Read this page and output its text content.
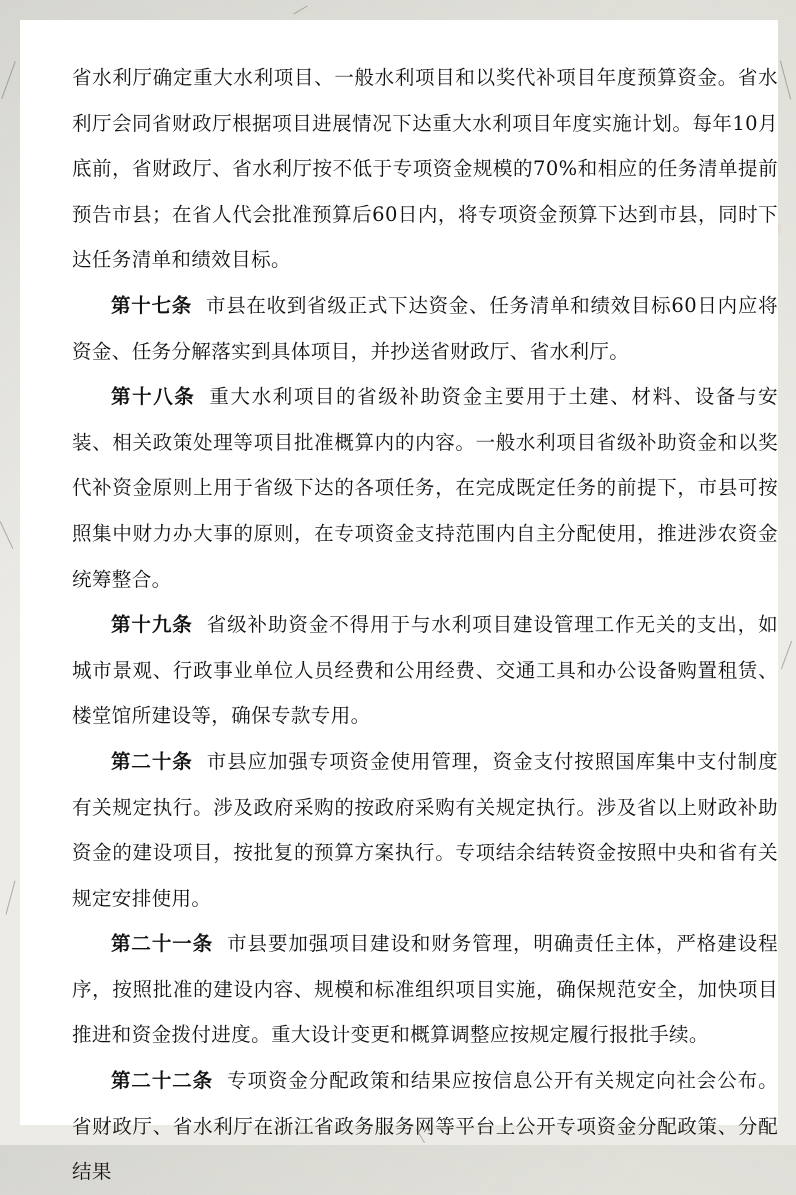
省水利厅确定重大水利项目、一般水利项目和以奖代补项目年度预算资金。省水利厅会同省财政厅根据项目进展情况下达重大水利项目年度实施计划。每年10月底前，省财政厅、省水利厅按不低于专项资金规模的70%和相应的任务清单提前预告市县；在省人代会批准预算后60日内，将专项资金预算下达到市县，同时下达任务清单和绩效目标。

第十七条 市县在收到省级正式下达资金、任务清单和绩效目标60日内应将资金、任务分解落实到具体项目，并抄送省财政厅、省水利厅。

第十八条 重大水利项目的省级补助资金主要用于土建、材料、设备与安装、相关政策处理等项目批准概算内的内容。一般水利项目省级补助资金和以奖代补资金原则上用于省级下达的各项任务，在完成既定任务的前提下，市县可按照集中财力办大事的原则，在专项资金支持范围内自主分配使用，推进涉农资金统筹整合。

第十九条 省级补助资金不得用于与水利项目建设管理工作无关的支出，如城市景观、行政事业单位人员经费和公用经费、交通工具和办公设备购置租赁、楼堂馆所建设等，确保专款专用。

第二十条 市县应加强专项资金使用管理，资金支付按照国库集中支付制度有关规定执行。涉及政府采购的按政府采购有关规定执行。涉及省以上财政补助资金的建设项目，按批复的预算方案执行。专项结余结转资金按照中央和省有关规定安排使用。

第二十一条 市县要加强项目建设和财务管理，明确责任主体，严格建设程序，按照批准的建设内容、规模和标准组织项目实施，确保规范安全，加快项目推进和资金拨付进度。重大设计变更和概算调整应按规定履行报批手续。

第二十二条 专项资金分配政策和结果应按信息公开有关规定向社会公布。省财政厅、省水利厅在浙江省政务服务网等平台上公开专项资金分配政策、分配结果
